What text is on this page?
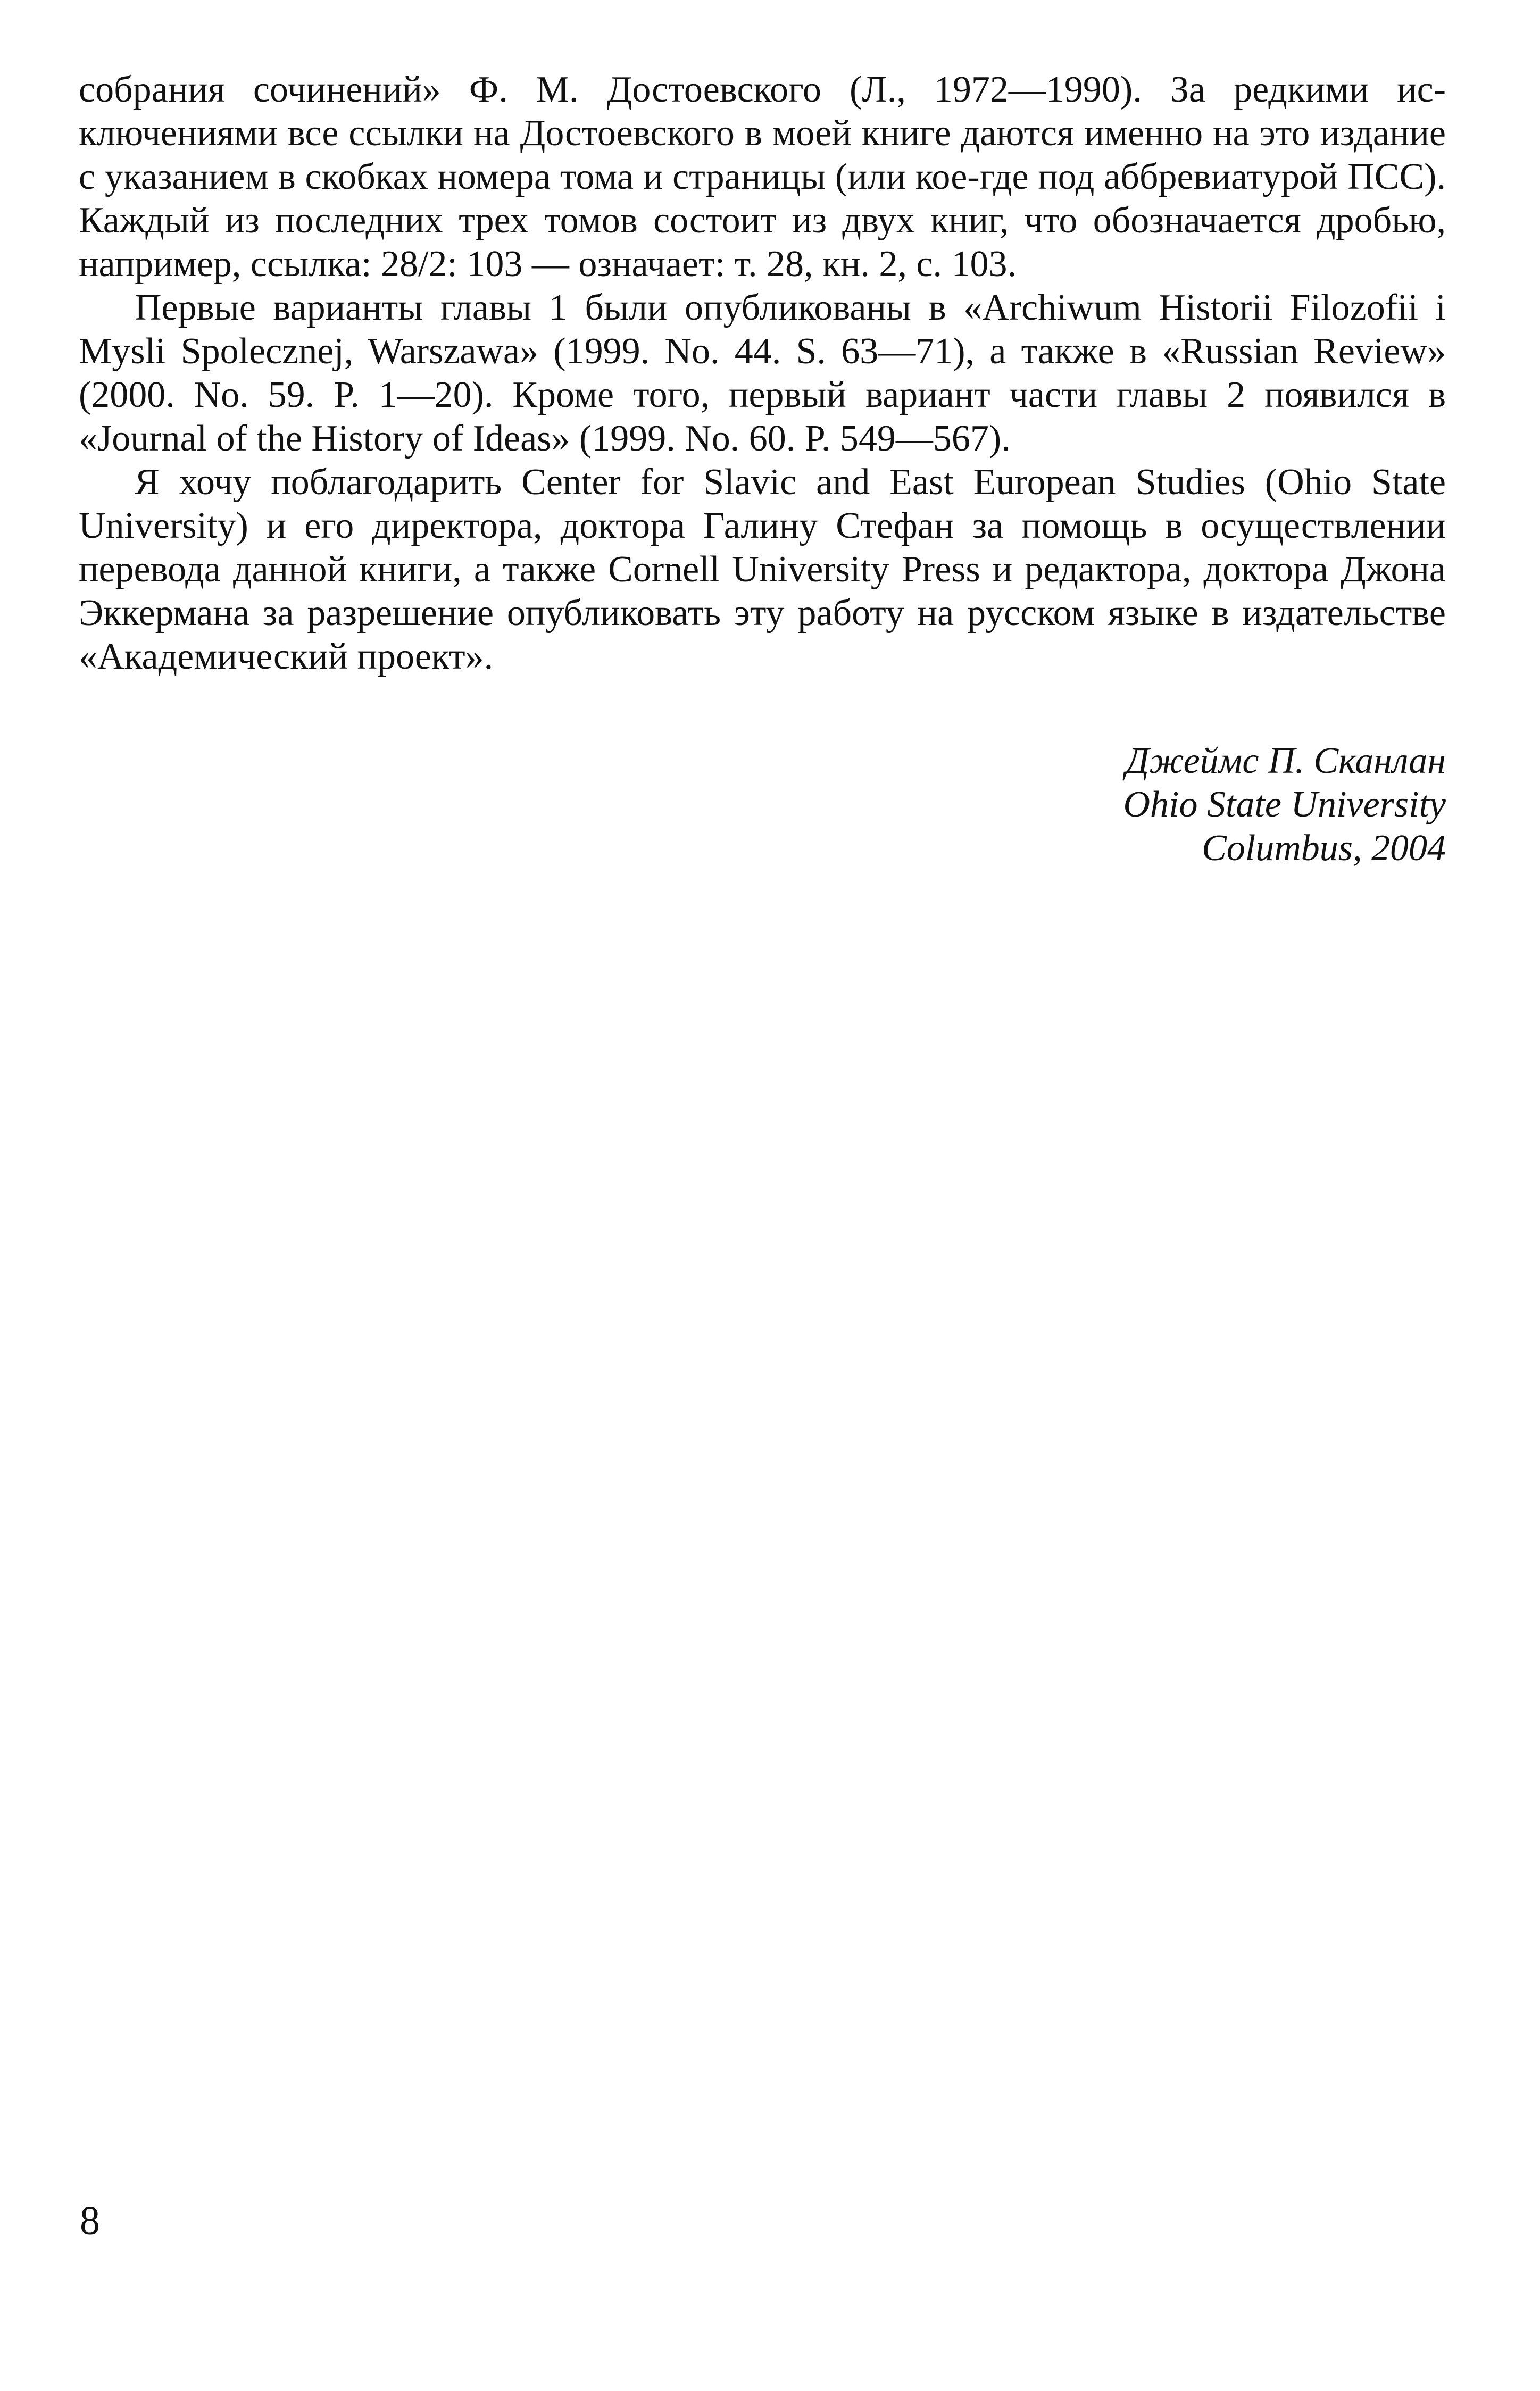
собрания сочинений» Ф. М. Достоевского (Л., 1972—1990). За редкими исключениями все ссылки на Достоевского в моей книге даются именно на это издание с указанием в скобках номера тома и страницы (или кое-где под аббревиатурой ПСС). Каждый из последних трех томов состоит из двух книг, что обозначается дробью, например, ссылка: 28/2: 103 — означает: т. 28, кн. 2, с. 103.

Первые варианты главы 1 были опубликованы в «Archiwum Historii Filozofii i Mysli Spolecznej, Warszawa» (1999. No. 44. S. 63—71), а также в «Russian Review» (2000. No. 59. P. 1—20). Кроме того, первый вариант части главы 2 появился в «Journal of the History of Ideas» (1999. No. 60. P. 549—567).

Я хочу поблагодарить Center for Slavic and East European Studies (Ohio State University) и его директора, доктора Галину Стефан за помощь в осуществлении перевода данной книги, а также Cornell University Press и редактора, доктора Джона Эккермана за разрешение опубликовать эту работу на русском языке в издательстве «Академический проект».

Джеймс П. Сканлан
Ohio State University
Columbus, 2004
8
